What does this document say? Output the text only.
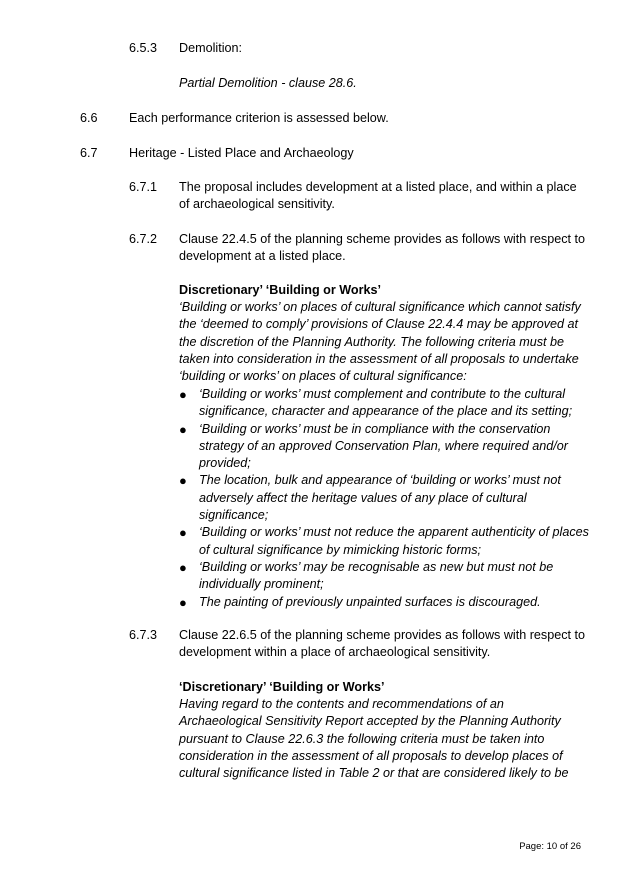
6.5.3 Demolition:
Partial Demolition - clause 28.6.
6.6 Each performance criterion is assessed below.
6.7 Heritage - Listed Place and Archaeology
6.7.1 The proposal includes development at a listed place, and within a place of archaeological sensitivity.
6.7.2 Clause 22.4.5 of the planning scheme provides as follows with respect to development at a listed place.
Discretionary’ ‘Building or Works’
‘Building or works’ on places of cultural significance which cannot satisfy the ‘deemed to comply’ provisions of Clause 22.4.4 may be approved at the discretion of the Planning Authority. The following criteria must be taken into consideration in the assessment of all proposals to undertake ‘building or works’ on places of cultural significance:
● ‘Building or works’ must complement and contribute to the cultural significance, character and appearance of the place and its setting;
● ‘Building or works’ must be in compliance with the conservation strategy of an approved Conservation Plan, where required and/or provided;
● The location, bulk and appearance of ‘building or works’ must not adversely affect the heritage values of any place of cultural significance;
● ‘Building or works’ must not reduce the apparent authenticity of places of cultural significance by mimicking historic forms;
● ‘Building or works’ may be recognisable as new but must not be individually prominent;
● The painting of previously unpainted surfaces is discouraged.
6.7.3 Clause 22.6.5 of the planning scheme provides as follows with respect to development within a place of archaeological sensitivity.
‘Discretionary’ ‘Building or Works’
Having regard to the contents and recommendations of an Archaeological Sensitivity Report accepted by the Planning Authority pursuant to Clause 22.6.3 the following criteria must be taken into consideration in the assessment of all proposals to develop places of cultural significance listed in Table 2 or that are considered likely to be
Page: 10 of 26
